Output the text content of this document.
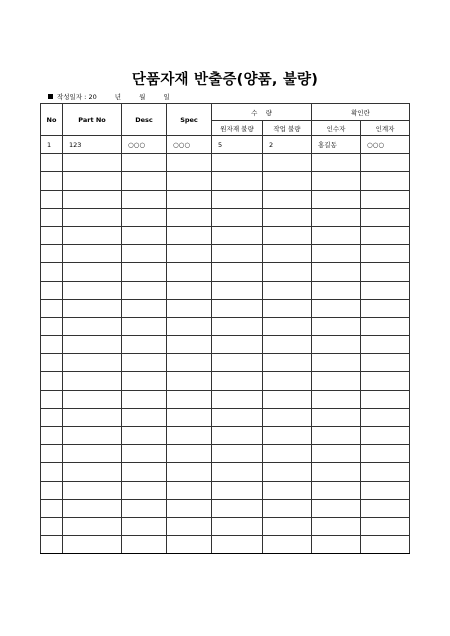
단품자재 반출증(양품, 불량)
작성일자 : 20	년	월	일
No	Part No	Desc	Spec	수    량		확인란	
				원자재 불량	작업 불량	인수자	인계자
1	123	○○○	○○○	5	2	홍길동	○○○
